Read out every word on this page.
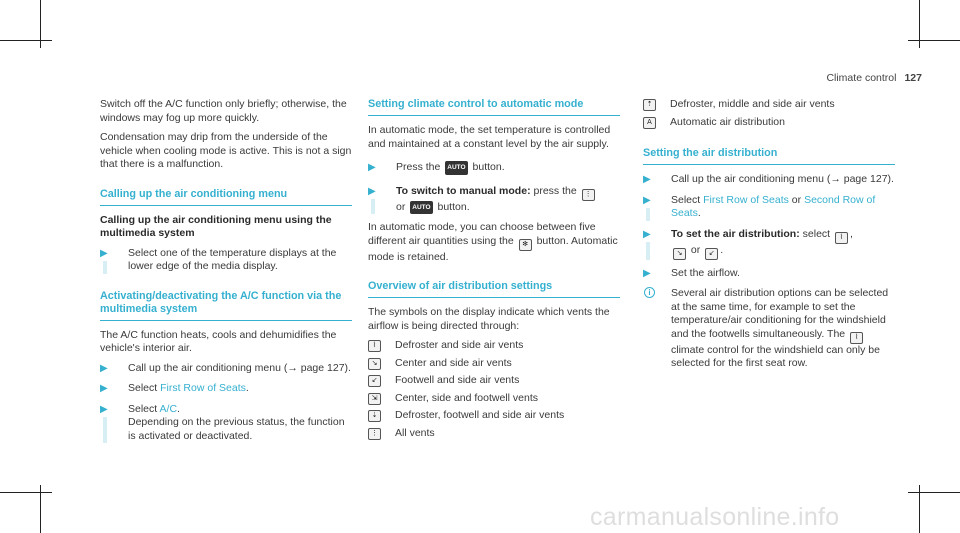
Climate control 127

Switch off the A/C function only briefly; otherwise, the windows may fog up more quickly.

Condensation may drip from the underside of the vehicle when cooling mode is active. This is not a sign that there is a malfunction.

Calling up the air conditioning menu
Calling up the air conditioning menu using the multimedia system
▶ Select one of the temperature displays at the lower edge of the media display.
Activating/deactivating the A/C function via the multimedia system

The A/C function heats, cools and dehumidifies the vehicle's interior air.

▶ Call up the air conditioning menu (→ page 127).
▶ Select First Row of Seats.
▶ Select A/C.
Depending on the previous status, the function is activated or deactivated.
Setting climate control to automatic mode

In automatic mode, the set temperature is controlled and maintained at a constant level by the air supply.

▶ Press the AUTO button.
▶ To switch to manual mode: press the ⋮
or AUTO button.

In automatic mode, you can choose between five different air quantities using the ✻ button. Automatic mode is retained.

Overview of air distribution settings

The symbols on the display indicate which vents the airflow is being directed through:

⌇	Defroster and side air vents
↘	Center and side air vents
↙	Footwell and side air vents
⇲	Center, side and footwell vents
⇣	Defroster, footwell and side air vents
⋮ All vents
⇡	Defroster, middle and side air vents
A	Automatic air distribution
Setting the air distribution
▶ Call up the air conditioning menu (→ page 127).
▶ Select First Row of Seats or Second Row of Seats.
▶ To set the air distribution: select ⌇ ,
↘ or ↙ .
▶ Set the airflow.
i	Several air distribution options can be selected at the same time, for example to set the temperature/air conditioning for the windshield and the footwells simultaneously. The ⌇ climate control for the windshield can only be selected for the first seat row.
carmanualsonline.info
